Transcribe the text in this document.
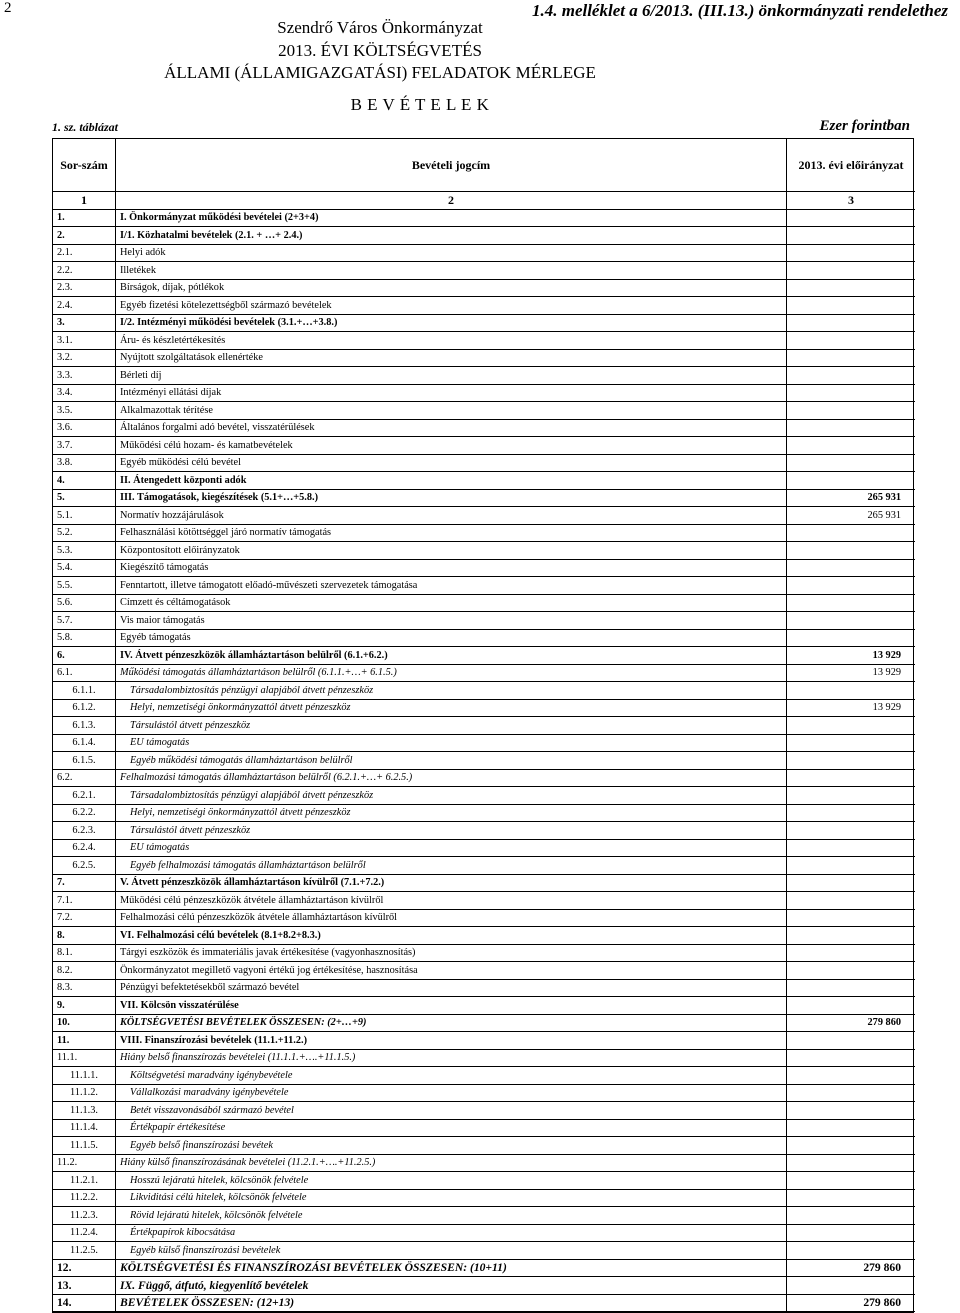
2	1.4. melléklet a 6/2013. (III.13.) önkormányzati rendelethez
Szendrő Város Önkormányzat
2013. ÉVI KÖLTSÉGVETÉS
ÁLLAMI (ÁLLAMIGAZGATÁSI) FELADATOK MÉRLEGE
B E V É T E L E K
1. sz. táblázat	Ezer forintban
Sor-szám	Bevételi jogcím	2013. évi előirányzat
1	2	3
1.	I. Önkormányzat működési bevételei (2+3+4)	
2.	I/1. Közhatalmi bevételek (2.1. + …+ 2.4.)	
2.1.	Helyi adók	
2.2.	Illetékek	
2.3.	Bírságok, díjak, pótlékok	
2.4.	Egyéb fizetési kötelezettségből származó bevételek	
3.	I/2. Intézményi működési bevételek (3.1.+…+3.8.)	
3.1.	Áru- és készletértékesítés	
3.2.	Nyújtott szolgáltatások ellenértéke	
3.3.	Bérleti díj	
3.4.	Intézményi ellátási díjak	
3.5.	Alkalmazottak térítése	
3.6.	Általános forgalmi adó bevétel, visszatérülések	
3.7.	Működési célú hozam- és kamatbevételek	
3.8.	Egyéb működési célú bevétel	
4.	II. Átengedett központi adók	
5.	III. Támogatások, kiegészítések (5.1+…+5.8.)	265 931
5.1.	Normatív hozzájárulások	265 931
5.2.	Felhasználási kötöttséggel járó normatív támogatás	
5.3.	Központosított előirányzatok	
5.4.	Kiegészítő támogatás	
5.5.	Fenntartott, illetve támogatott előadó-művészeti szervezetek támogatása	
5.6.	Címzett és céltámogatások	
5.7.	Vis maior támogatás	
5.8.	Egyéb támogatás	
6.	IV. Átvett pénzeszközök államháztartáson belülről (6.1.+6.2.)	13 929
6.1.	Működési támogatás államháztartáson belülről (6.1.1.+…+ 6.1.5.)	13 929
6.1.1.	Társadalombiztosítás pénzügyi alapjából átvett pénzeszköz	
6.1.2.	Helyi, nemzetiségi önkormányzattól átvett pénzeszköz	13 929
6.1.3.	Társulástól átvett pénzeszköz	
6.1.4.	EU támogatás	
6.1.5.	Egyéb működési támogatás államháztartáson belülről	
6.2.	Felhalmozási támogatás államháztartáson belülről (6.2.1.+…+ 6.2.5.)	
6.2.1.	Társadalombiztosítás pénzügyi alapjából átvett pénzeszköz	
6.2.2.	Helyi, nemzetiségi önkormányzattól átvett pénzeszköz	
6.2.3.	Társulástól átvett pénzeszköz	
6.2.4.	EU támogatás	
6.2.5.	Egyéb felhalmozási támogatás államháztartáson belülről	
7.	V. Átvett pénzeszközök államháztartáson kívülről (7.1.+7.2.)	
7.1.	Működési célú pénzeszközök átvétele államháztartáson kívülről	
7.2.	Felhalmozási célú pénzeszközök átvétele államháztartáson kívülről	
8.	VI. Felhalmozási célú bevételek (8.1+8.2+8.3.)	
8.1.	Tárgyi eszközök és immateriális javak értékesítése (vagyonhasznosítás)	
8.2.	Önkormányzatot megillető vagyoni értékű jog értékesítése, hasznosítása	
8.3.	Pénzügyi befektetésekből származó bevétel	
9.	VII. Kölcsön visszatérülése	
10.	KÖLTSÉGVETÉSI BEVÉTELEK ÖSSZESEN: (2+…+9)	279 860
11.	VIII. Finanszírozási bevételek (11.1.+11.2.)	
11.1.	Hiány belső finanszírozás bevételei (11.1.1.+….+11.1.5.)	
11.1.1.	Költségvetési maradvány igénybevétele	
11.1.2.	Vállalkozási maradvány igénybevétele	
11.1.3.	Betét visszavonásából származó bevétel	
11.1.4.	Értékpapír értékesítése	
11.1.5.	Egyéb belső finanszírozási bevétek	
11.2.	Hiány külső finanszírozásának bevételei (11.2.1.+….+11.2.5.)	
11.2.1.	Hosszú lejáratú hitelek, kölcsönök felvétele	
11.2.2.	Likviditási célú hitelek, kölcsönök felvétele	
11.2.3.	Rövid lejáratú hitelek, kölcsönök felvétele	
11.2.4.	Értékpapírok kibocsátása	
11.2.5.	Egyéb külső finanszírozási bevételek	
12.	KÖLTSÉGVETÉSI ÉS FINANSZÍROZÁSI BEVÉTELEK ÖSSZESEN: (10+11)	279 860
13.	IX. Függő, átfutó, kiegyenlítő bevételek	
14.	BEVÉTELEK ÖSSZESEN: (12+13)	279 860
